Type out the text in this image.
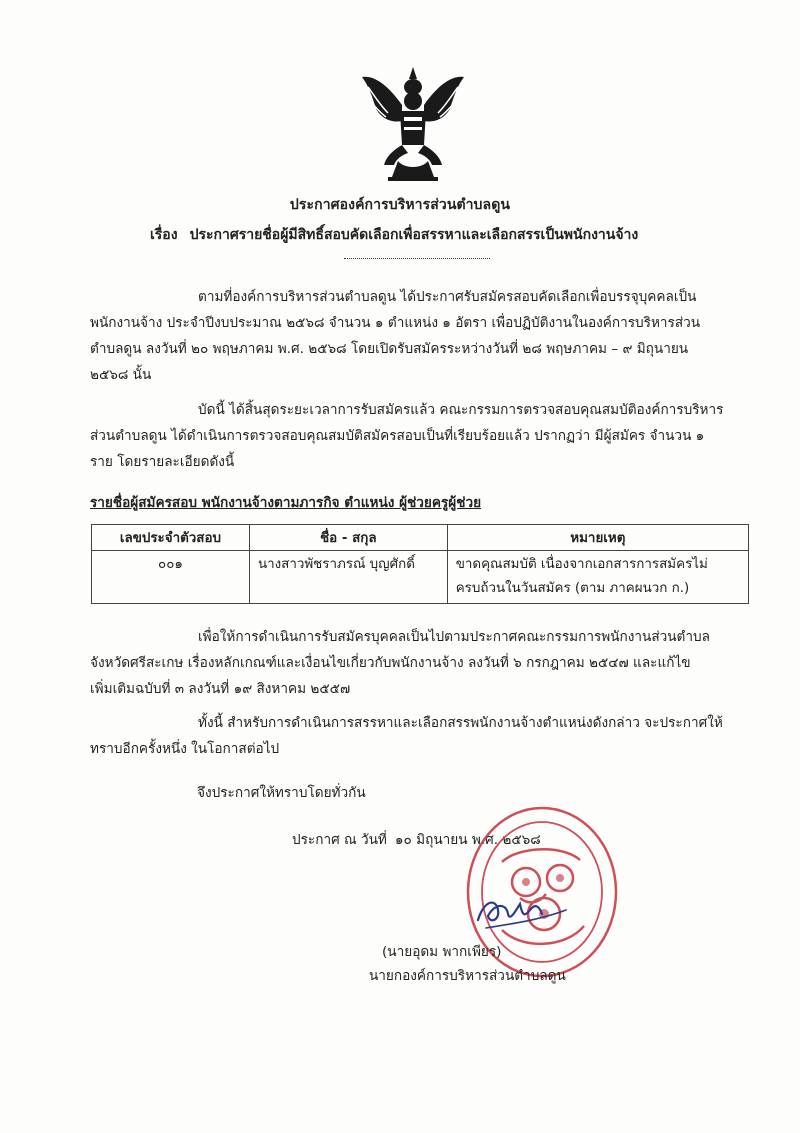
ประกาศองค์การบริหารส่วนตำบลดูน
เรื่อง ประกาศรายชื่อผู้มีสิทธิ์สอบคัดเลือกเพื่อสรรหาและเลือกสรรเป็นพนักงานจ้าง
ตามที่องค์การบริหารส่วนตำบลดูน ได้ประกาศรับสมัครสอบคัดเลือกเพื่อบรรจุบุคคลเป็น
พนักงานจ้าง ประจำปีงบประมาณ ๒๕๖๘ จำนวน ๑ ตำแหน่ง ๑ อัตรา เพื่อปฏิบัติงานในองค์การบริหารส่วน
ตำบลดูน ลงวันที่ ๒๐ พฤษภาคม พ.ศ. ๒๕๖๘ โดยเปิดรับสมัครระหว่างวันที่ ๒๘ พฤษภาคม – ๙ มิถุนายน
๒๕๖๘ นั้น
บัดนี้ ได้สิ้นสุดระยะเวลาการรับสมัครแล้ว คณะกรรมการตรวจสอบคุณสมบัติองค์การบริหาร
ส่วนตำบลดูน ได้ดำเนินการตรวจสอบคุณสมบัติสมัครสอบเป็นที่เรียบร้อยแล้ว ปรากฏว่า มีผู้สมัคร จำนวน ๑
ราย โดยรายละเอียดดังนี้
รายชื่อผู้สมัครสอบ พนักงานจ้างตามภารกิจ ตำแหน่ง ผู้ช่วยครูผู้ช่วย
เลขประจำตัวสอบ	ชื่อ - สกุล	หมายเหตุ
๐๐๑	นางสาวพัชราภรณ์ บุญศักดิ์	ขาดคุณสมบัติ เนื่องจากเอกสารการสมัครไม่
ครบถ้วนในวันสมัคร (ตาม ภาคผนวก ก.)
เพื่อให้การดำเนินการรับสมัครบุคคลเป็นไปตามประกาศคณะกรรมการพนักงานส่วนตำบล
จังหวัดศรีสะเกษ เรื่องหลักเกณฑ์และเงื่อนไขเกี่ยวกับพนักงานจ้าง ลงวันที่ ๖ กรกฎาคม ๒๕๔๗ และแก้ไข
เพิ่มเติมฉบับที่ ๓ ลงวันที่ ๑๙ สิงหาคม ๒๕๕๗
ทั้งนี้ สำหรับการดำเนินการสรรหาและเลือกสรรพนักงานจ้างตำแหน่งดังกล่าว จะประกาศให้
ทราบอีกครั้งหนึ่ง ในโอกาสต่อไป
จึงประกาศให้ทราบโดยทั่วกัน
ประกาศ ณ วันที่ ๑๐ มิถุนายน พ.ศ. ๒๕๖๘
(นายอุดม พากเพียร)
นายกองค์การบริหารส่วนตำบลดูน
